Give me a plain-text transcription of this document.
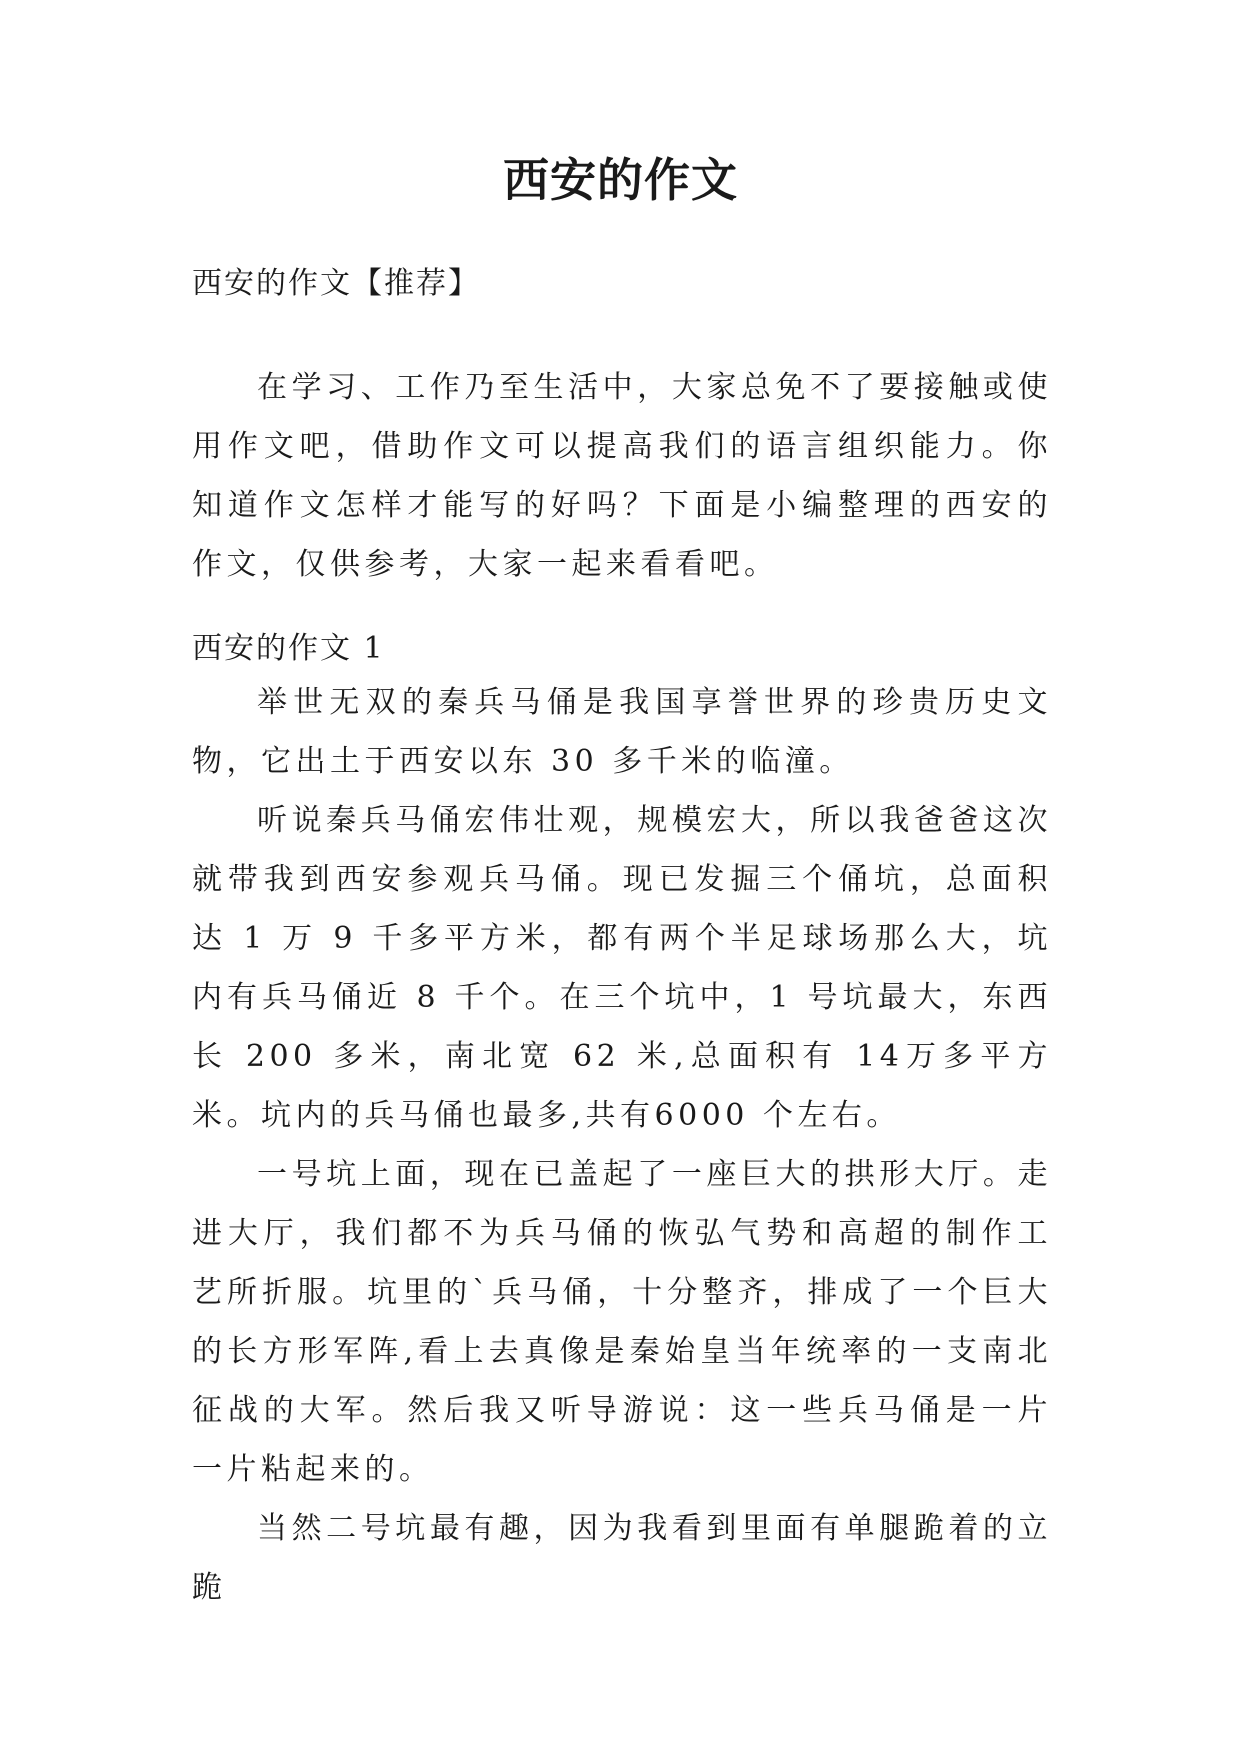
西安的作文
西安的作文【推荐】

在学习、工作乃至生活中，大家总免不了要接触或使用作文吧，借助作文可以提高我们的语言组织能力。你知道作文怎样才能写的好吗？下面是小编整理的西安的作文，仅供参考，大家一起来看看吧。

西安的作文 1

举世无双的秦兵马俑是我国享誉世界的珍贵历史文物，它出土于西安以东 30 多千米的临潼。

听说秦兵马俑宏伟壮观，规模宏大，所以我爸爸这次就带我到西安参观兵马俑。现已发掘三个俑坑，总面积达 1 万 9 千多平方米，都有两个半足球场那么大，坑内有兵马俑近 8 千个。在三个坑中，1 号坑最大，东西长 200 多米，南北宽 62 米,总面积有 14万多平方米。坑内的兵马俑也最多,共有6000 个左右。

一号坑上面，现在已盖起了一座巨大的拱形大厅。走进大厅，我们都不为兵马俑的恢弘气势和高超的制作工艺所折服。坑里的`兵马俑，十分整齐，排成了一个巨大的长方形军阵,看上去真像是秦始皇当年统率的一支南北征战的大军。然后我又听导游说：这一些兵马俑是一片一片粘起来的。

当然二号坑最有趣，因为我看到里面有单腿跪着的立跪
